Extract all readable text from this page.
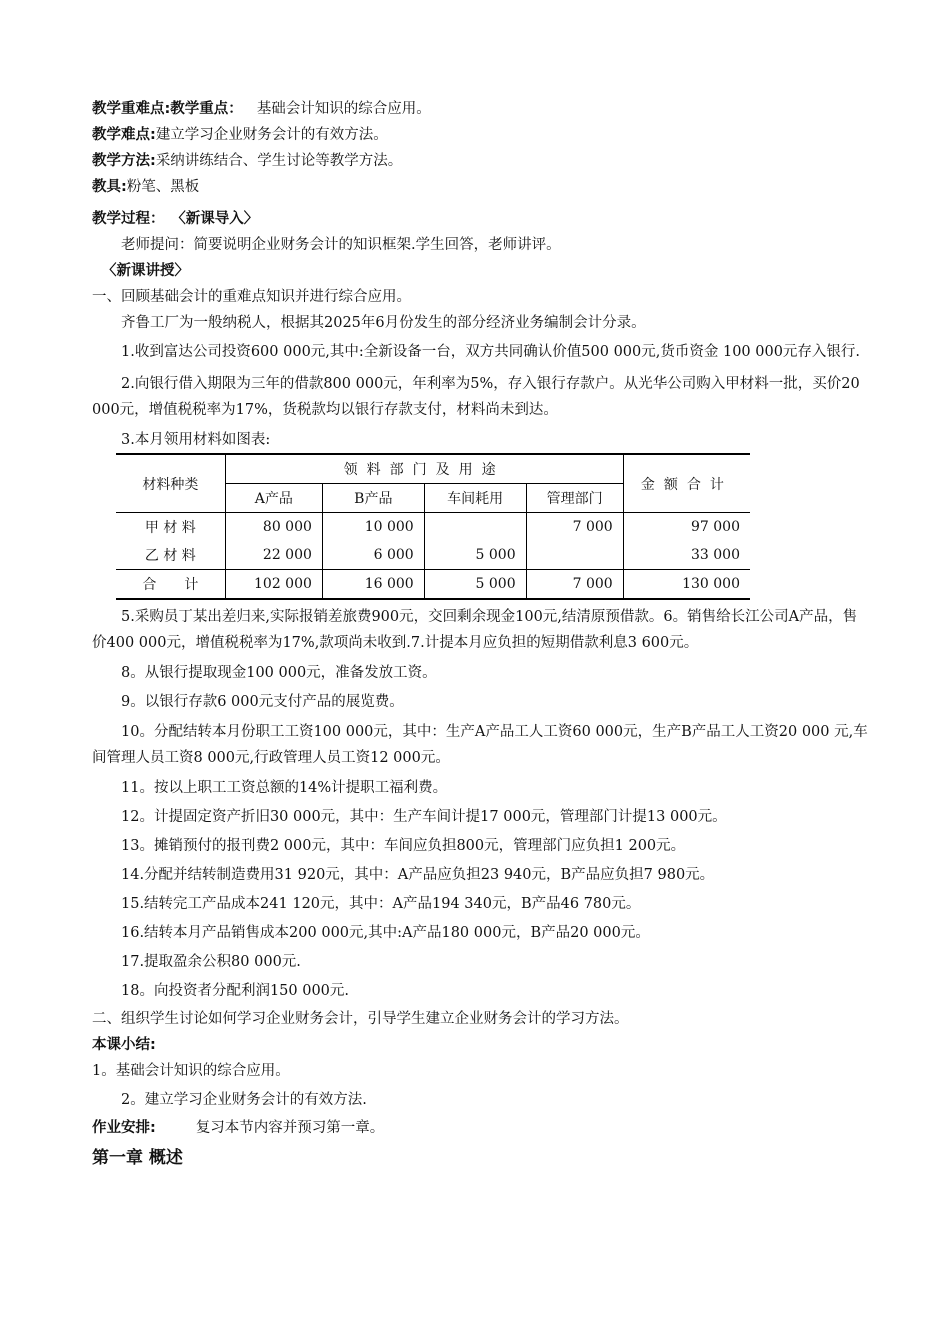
教学重难点:教学重点： 基础会计知识的综合应用。
教学难点:建立学习企业财务会计的有效方法。
教学方法:采纳讲练结合、学生讨论等教学方法。
教具:粉笔、黑板
教学过程： 〈新课导入〉
老师提问：简要说明企业财务会计的知识框架.学生回答，老师讲评。
〈新课讲授〉
一、回顾基础会计的重难点知识并进行综合应用。
齐鲁工厂为一般纳税人，根据其2025年6月份发生的部分经济业务编制会计分录。
1.收到富达公司投资600 000元,其中:全新设备一台，双方共同确认价值500 000元,货币资金 100 000元存入银行.
2.向银行借入期限为三年的借款800 000元，年利率为5%，存入银行存款户。从光华公司购入甲材料一批，买价20 000元，增值税税率为17%，货税款均以银行存款支付，材料尚未到达。
3.本月领用材料如图表:
材料种类	领料部门及用途				金额合计
	A产品	B产品	车间耗用	管理部门	
甲 材 料	80 000	10 000		7 000	97 000
乙 材 料	22 000	6 000	5 000		33 000
合　　计	102 000	16 000	5 000	7 000	130 000
5.采购员丁某出差归来,实际报销差旅费900元，交回剩余现金100元,结清原预借款。6。销售给长江公司A产品，售价400 000元，增值税税率为17%,款项尚未收到.7.计提本月应负担的短期借款利息3 600元。
8。从银行提取现金100 000元，准备发放工资。
9。以银行存款6 000元支付产品的展览费。
10。分配结转本月份职工工资100 000元，其中：生产A产品工人工资60 000元，生产B产品工人工资20 000 元,车间管理人员工资8 000元,行政管理人员工资12 000元。
11。按以上职工工资总额的14%计提职工福利费。
12。计提固定资产折旧30 000元，其中：生产车间计提17 000元，管理部门计提13 000元。
13。摊销预付的报刊费2 000元，其中：车间应负担800元，管理部门应负担1 200元。
14.分配并结转制造费用31 920元，其中：A产品应负担23 940元，B产品应负担7 980元。
15.结转完工产品成本241 120元，其中：A产品194 340元，B产品46 780元。
16.结转本月产品销售成本200 000元,其中:A产品180 000元，B产品20 000元。
17.提取盈余公积80 000元.
18。向投资者分配利润150 000元.
二、组织学生讨论如何学习企业财务会计，引导学生建立企业财务会计的学习方法。
本课小结:
1。基础会计知识的综合应用。
2。建立学习企业财务会计的有效方法.
作业安排:	复习本节内容并预习第一章。
第一章 概述
